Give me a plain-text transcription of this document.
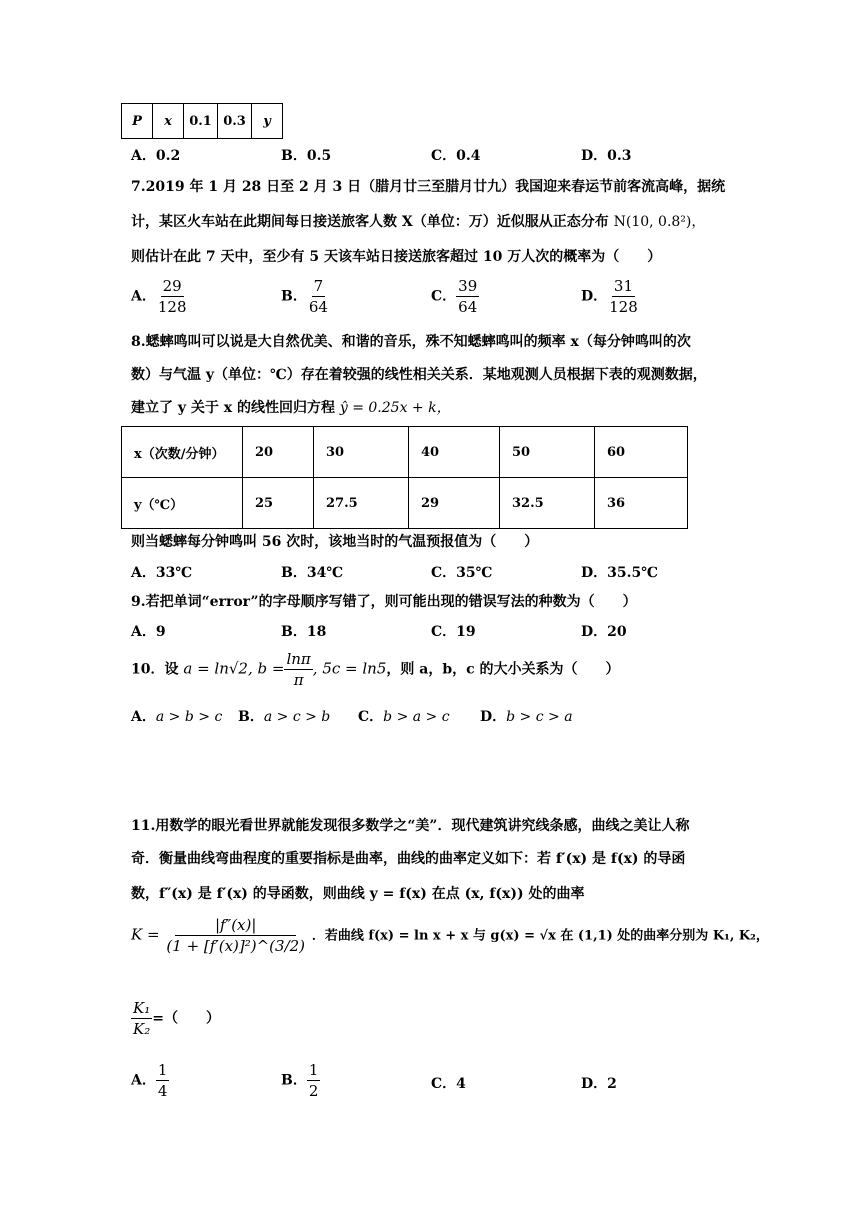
P	x	0.1	0.3	y
A．0.2	B．0.5	C．0.4	D．0.3
7.2019 年 1 月 28 日至 2 月 3 日（腊月廿三至腊月廿九）我国迎来春运节前客流高峰，据统
计，某区火车站在此期间每日接送旅客人数 X（单位：万）近似服从正态分布 N(10, 0.8²)，
则估计在此 7 天中，至少有 5 天该车站日接送旅客超过 10 万人次的概率为（　　）
A． $\frac{29}{128}$	B． $\frac{7}{64}$	C． $\frac{39}{64}$	D． $\frac{31}{128}$
8.蟋蟀鸣叫可以说是大自然优美、和谐的音乐，殊不知蟋蟀鸣叫的频率 x（每分钟鸣叫的次
数）与气温 y（单位：℃）存在着较强的线性相关关系．某地观测人员根据下表的观测数据，
建立了 y 关于 x 的线性回归方程 ŷ = 0.25x + k，
x（次数/分钟）	20	30	40	50	60
y（℃）	25	27.5	29	32.5	36
则当蟋蟀每分钟鸣叫 56 次时，该地当时的气温预报值为（　　）
A．33℃	B．34℃	C．35℃	D．35.5℃
9.若把单词“error”的字母顺序写错了，则可能出现的错误写法的种数为（　　）
A．9	B．18	C．19	D．20
10．设 a = ln√2, $b = \frac{\ln\pi}{\pi}$ , 5c = ln5，则 a，b，c 的大小关系为（　　）
A．a > b > c B．a > c > b C．b > a > c D．b > c > a
11.用数学的眼光看世界就能发现很多数学之“美”．现代建筑讲究线条感，曲线之美让人称
奇．衡量曲线弯曲程度的重要指标是曲率，曲线的曲率定义如下：若 f′(x) 是 f(x) 的导函
数，f″(x) 是 f′(x) 的导函数，则曲线 y = f(x) 在点 (x, f(x)) 处的曲率
$K = \frac{|f''(x)|}{\text{(1 + [f′(x)]²)\textasciicircum{}(3/2)}}$ ．若曲线 f(x) = ln x + x 与 g(x) = √x 在 (1,1) 处的曲率分别为 K₁, K₂，
$\frac{\text{K₁}}{\text{K₂}}$ =（　　）
A． $\frac{1}{4}$	B． $\frac{1}{2}$	C．4	D．2
